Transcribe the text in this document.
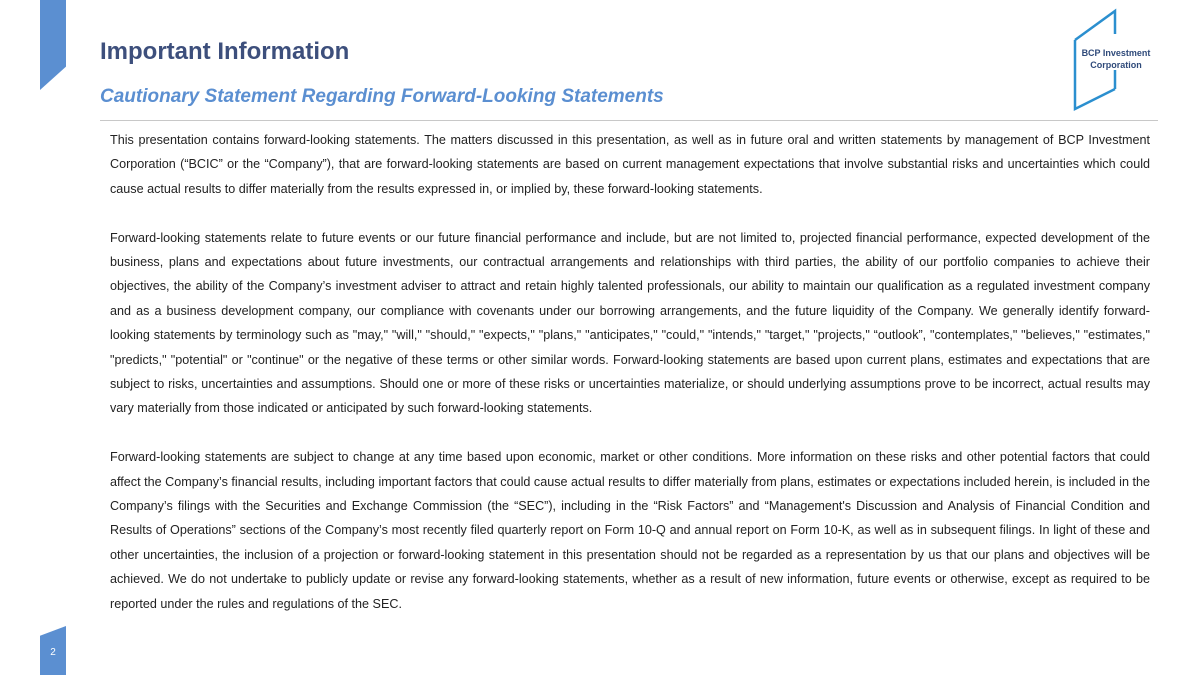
Important Information
Cautionary Statement Regarding Forward-Looking Statements
BCP Investment
Corporation

This presentation contains forward-looking statements. The matters discussed in this presentation, as well as in future oral and written statements by management of BCP Investment Corporation (“BCIC” or the “Company”), that are forward-looking statements are based on current management expectations that involve substantial risks and uncertainties which could cause actual results to differ materially from the results expressed in, or implied by, these forward-looking statements.

Forward-looking statements relate to future events or our future financial performance and include, but are not limited to, projected financial performance, expected development of the business, plans and expectations about future investments, our contractual arrangements and relationships with third parties, the ability of our portfolio companies to achieve their objectives, the ability of the Company’s investment adviser to attract and retain highly talented professionals, our ability to maintain our qualification as a regulated investment company and as a business development company, our compliance with covenants under our borrowing arrangements, and the future liquidity of the Company. We generally identify forward-looking statements by terminology such as "may," "will," "should," "expects," "plans," "anticipates," "could," "intends," "target," "projects," “outlook”, "contemplates," "believes," "estimates," "predicts," "potential" or "continue" or the negative of these terms or other similar words. Forward-looking statements are based upon current plans, estimates and expectations that are subject to risks, uncertainties and assumptions. Should one or more of these risks or uncertainties materialize, or should underlying assumptions prove to be incorrect, actual results may vary materially from those indicated or anticipated by such forward-looking statements.

Forward-looking statements are subject to change at any time based upon economic, market or other conditions. More information on these risks and other potential factors that could affect the Company’s financial results, including important factors that could cause actual results to differ materially from plans, estimates or expectations included herein, is included in the Company’s filings with the Securities and Exchange Commission (the “SEC”), including in the “Risk Factors” and “Management's Discussion and Analysis of Financial Condition and Results of Operations” sections of the Company’s most recently filed quarterly report on Form 10-Q and annual report on Form 10-K, as well as in subsequent filings. In light of these and other uncertainties, the inclusion of a projection or forward-looking statement in this presentation should not be regarded as a representation by us that our plans and objectives will be achieved. We do not undertake to publicly update or revise any forward-looking statements, whether as a result of new information, future events or otherwise, except as required to be reported under the rules and regulations of the SEC.

2
